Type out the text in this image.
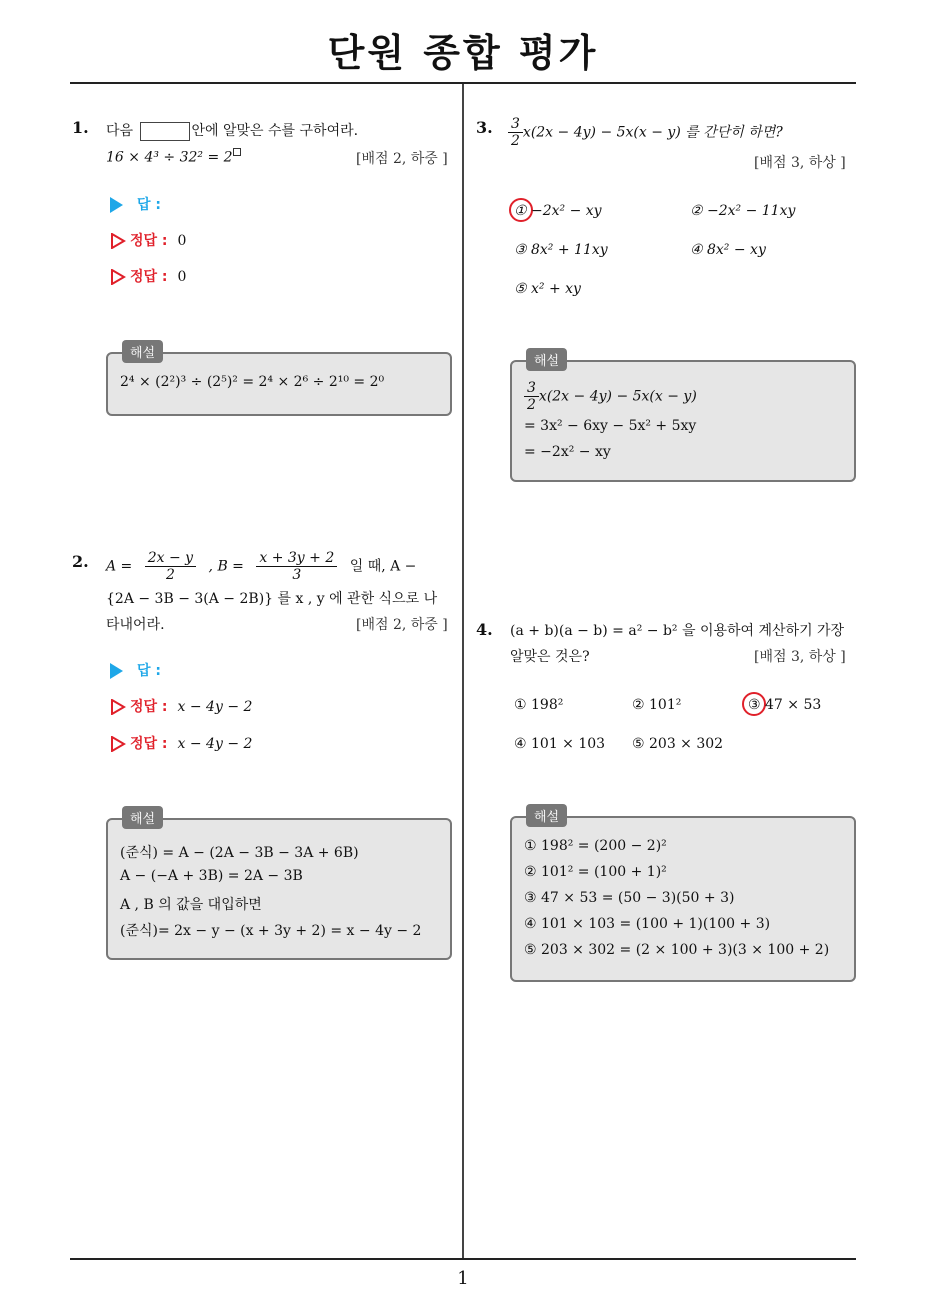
단원 종합 평가
1
1. 다음	안에 알맞은 수를 구하여라.
16 × 4³ ÷ 32² = 2	[배점 2, 하중 ]
답 :
정답 : 0
정답 : 0
해설
2⁴ × (2²)³ ÷ (2⁵)² = 2⁴ × 2⁶ ÷ 2¹⁰ = 2⁰
2. $A = \frac{2x - y}{2}$ , $B = \frac{x + 3y + 2}{3}$ 일 때, A −
{2A − 3B − 3(A − 2B)} 를 x , y 에 관한 식으로 나
타내어라.	[배점 2, 하중 ]
답 :
정답 : x − 4y − 2
정답 : x − 4y − 2
해설
(준식) = A − (2A − 3B − 3A + 6B)
A − (−A + 3B) = 2A − 3B
A , B 의 값을 대입하면
(준식)= 2x − y − (x + 3y + 2) = x − 4y − 2
3. $\frac{3}{2} x(2x - 4y) - 5x(x - y)$ 를 간단히 하면?
[배점 3, 하상 ]
① −2x² − xy	② −2x² − 11xy
③ 8x² + 11xy	④ 8x² − xy
⑤ x² + xy
해설
$\frac{3}{2} x(2x - 4y) - 5x(x - y)$
= 3x² − 6xy − 5x² + 5xy
= −2x² − xy
4. (a + b)(a − b) = a² − b² 을 이용하여 계산하기 가장
알맞은 것은?	[배점 3, 하상 ]
① 198²	② 101²	③ 47 × 53
④ 101 × 103 ⑤ 203 × 302
해설
① 198² = (200 − 2)²
② 101² = (100 + 1)²
③ 47 × 53 = (50 − 3)(50 + 3)
④ 101 × 103 = (100 + 1)(100 + 3)
⑤ 203 × 302 = (2 × 100 + 3)(3 × 100 + 2)
